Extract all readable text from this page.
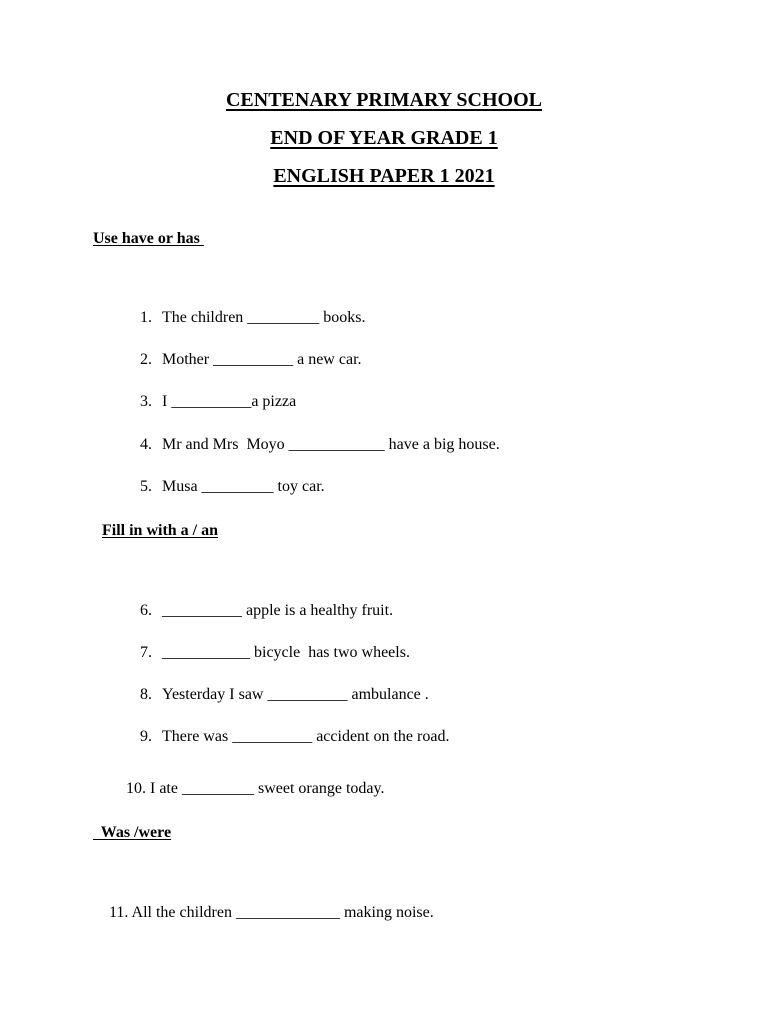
CENTENARY PRIMARY SCHOOL
END OF YEAR GRADE 1
ENGLISH PAPER 1 2021
Use have or has

1. The children _________ books.

2. Mother __________ a new car.

3. I __________a pizza

4. Mr and Mrs  Moyo ____________ have a big house.

5. Musa _________ toy car.

Fill in with a / an

6. __________ apple is a healthy fruit.

7. ___________ bicycle  has two wheels.

8. Yesterday I saw __________ ambulance .

9. There was __________ accident on the road.

10. I ate _________ sweet orange today.

Was /were

11. All the children _____________ making noise.
